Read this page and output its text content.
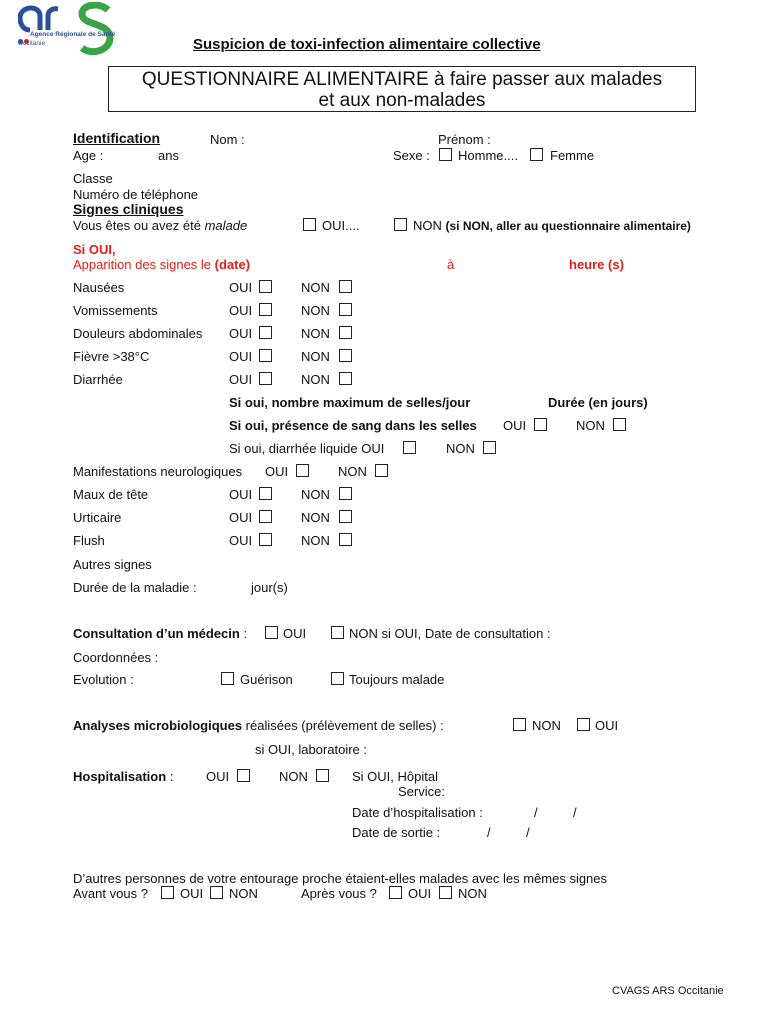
Agence Régionale de Santé
Occitanie	Suspicion de toxi-infection alimentaire collective
QUESTIONNAIRE ALIMENTAIRE à faire passer aux malades
et aux non-malades
Identification	Nom :	Prénom :
Age :	ans	Sexe : Homme.... Femme
Classe
Numéro de téléphone
Signes cliniques
Vous êtes ou avez été malade	OUI....	NON (si NON, aller au questionnaire alimentaire)
Si OUI,
Apparition des signes le (date)	à	heure (s)
Nausées	OUI	NON
Vomissements	OUI	NON
Douleurs abdominales OUI	NON
Fièvre >38°C	OUI	NON
Diarrhée	OUI	NON
Si oui, nombre maximum de selles/jour	Durée (en jours)
Si oui, présence de sang dans les selles OUI	NON
Si oui, diarrhée liquide OUI	NON
Manifestations neurologiques OUI	NON
Maux de tête	OUI	NON
Urticaire	OUI	NON
Flush	OUI	NON
Autres signes
Durée de la maladie :	jour(s)
Consultation d’un médecin :	OUI	NON si OUI, Date de consultation :
Coordonnées :
Evolution :	Guérison	Toujours malade
Analyses microbiologiques réalisées (prélèvement de selles) :	NON	OUI
si OUI, laboratoire :
Hospitalisation :	OUI	NON	Si OUI, Hôpital
Service:
Date d’hospitalisation :	/	/
Date de sortie :	/	/
D’autres personnes de votre entourage proche étaient-elles malades avec les mêmes signes
Avant vous ? OUI NON	Après vous ? OUI NON
CVAGS ARS Occitanie
